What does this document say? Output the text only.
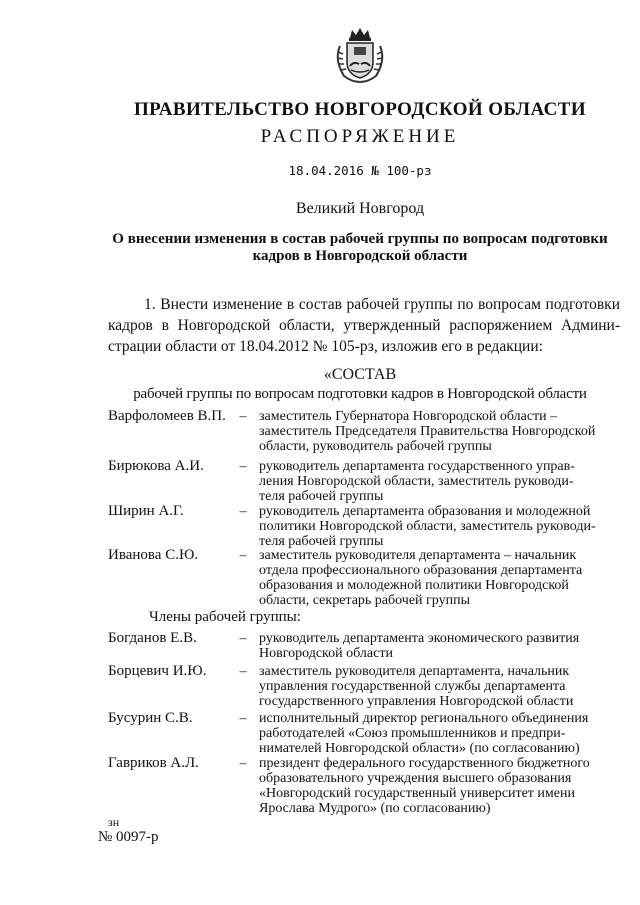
ПРАВИТЕЛЬСТВО НОВГОРОДСКОЙ ОБЛАСТИ
РАСПОРЯЖЕНИЕ
18.04.2016 № 100-рз
Великий Новгород
О внесении изменения в состав рабочей группы по вопросам подготовки
кадров в Новгородской области
1. Внести изменение в состав рабочей группы по вопросам подготовки
кадров в Новгородской области, утвержденный распоряжением Админи-
страции области от 18.04.2012 № 105-рз, изложив его в редакции:
«СОСТАВ
рабочей группы по вопросам подготовки кадров в Новгородской области
Варфоломеев В.П. – заместитель Губернатора Новгородской области –
заместитель Председателя Правительства Новгородской
области, руководитель рабочей группы
Бирюкова А.И.	– руководитель департамента государственного управ-
ления Новгородской области, заместитель руководи-
теля рабочей группы
Ширин А.Г.	– руководитель департамента образования и молодежной
политики Новгородской области, заместитель руководи-
теля рабочей группы
Иванова С.Ю.	– заместитель руководителя департамента – начальник
отдела профессионального образования департамента
образования и молодежной политики Новгородской
области, секретарь рабочей группы
Члены рабочей группы:
Богданов Е.В.	– руководитель департамента экономического развития
Новгородской области
Борцевич И.Ю.	– заместитель руководителя департамента, начальник
управления государственной службы департамента
государственного управления Новгородской области
Бусурин С.В.	– исполнительный директор регионального объединения
работодателей «Союз промышленников и предпри-
нимателей Новгородской области» (по согласованию)
Гавриков А.Л.	– президент федерального государственного бюджетного
образовательного учреждения высшего образования
«Новгородский государственный университет имени
Ярослава Мудрого» (по согласованию)
зн
№ 0097-р
